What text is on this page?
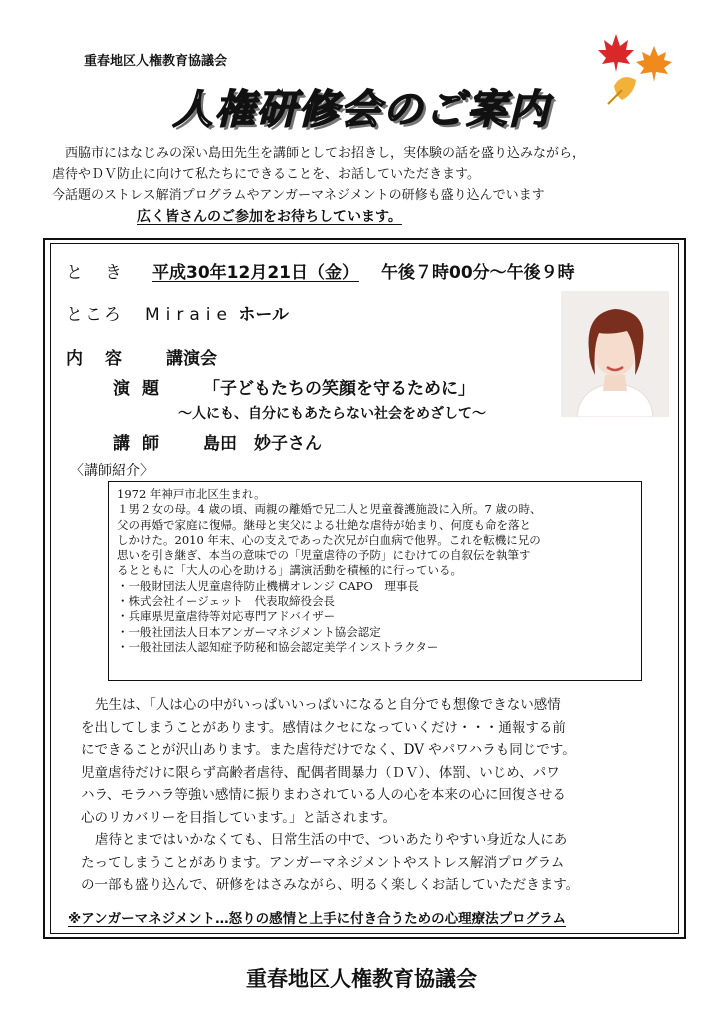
重春地区人権教育協議会
人権研修会のご案内

西脇市にはなじみの深い島田先生を講師としてお招きし，実体験の話を盛り込みながら，

虐待やＤＶ防止に向けて私たちにできることを、お話していただきます。

今話題のストレス解消プログラムやアンガーマネジメントの研修も盛り込んでいます

広く皆さんのご参加をお待ちしています。
とき 平成30年12月21日（金） 午後７時00分～午後９時
ところ Miraie ホール
内容 講演会
演題 「子どもたちの笑顔を守るために」
～人にも、自分にもあたらない社会をめざして～
講師 島田　妙子さん
〈講師紹介〉

1972 年神戸市北区生まれ。

１男２女の母。4 歳の頃、両親の離婚で兄二人と児童養護施設に入所。7 歳の時、

父の再婚で家庭に復帰。継母と実父による壮絶な虐待が始まり、何度も命を落と

しかけた。2010 年末、心の支えであった次兄が白血病で他界。これを転機に兄の

思いを引き継ぎ、本当の意味での「児童虐待の予防」にむけての自叙伝を執筆す

るとともに「大人の心を助ける」講演活動を積極的に行っている。

・一般財団法人児童虐待防止機構オレンジ CAPO　理事長
・株式会社イージェット　代表取締役会長
・兵庫県児童虐待等対応専門アドバイザー
・一般社団法人日本アンガーマネジメント協会認定
・一般社団法人認知症予防秘和協会認定美学インストラクター

先生は、「人は心の中がいっぱいいっぱいになると自分でも想像できない感情

を出してしまうことがあります。感情はクセになっていくだけ・・・通報する前

にできることが沢山あります。また虐待だけでなく、DV やパワハラも同じです。

児童虐待だけに限らず高齢者虐待、配偶者間暴力（ＤＶ）、体罰、いじめ、パワ

ハラ、モラハラ等強い感情に振りまわされている人の心を本来の心に回復させる

心のリカバリーを目指しています。」と話されます。

虐待とまではいかなくても、日常生活の中で、ついあたりやすい身近な人にあ

たってしまうことがあります。アンガーマネジメントやストレス解消プログラム

の一部も盛り込んで、研修をはさみながら、明るく楽しくお話していただきます。

※アンガーマネジメント…怒りの感情と上手に付き合うための心理療法プログラム
重春地区人権教育協議会
